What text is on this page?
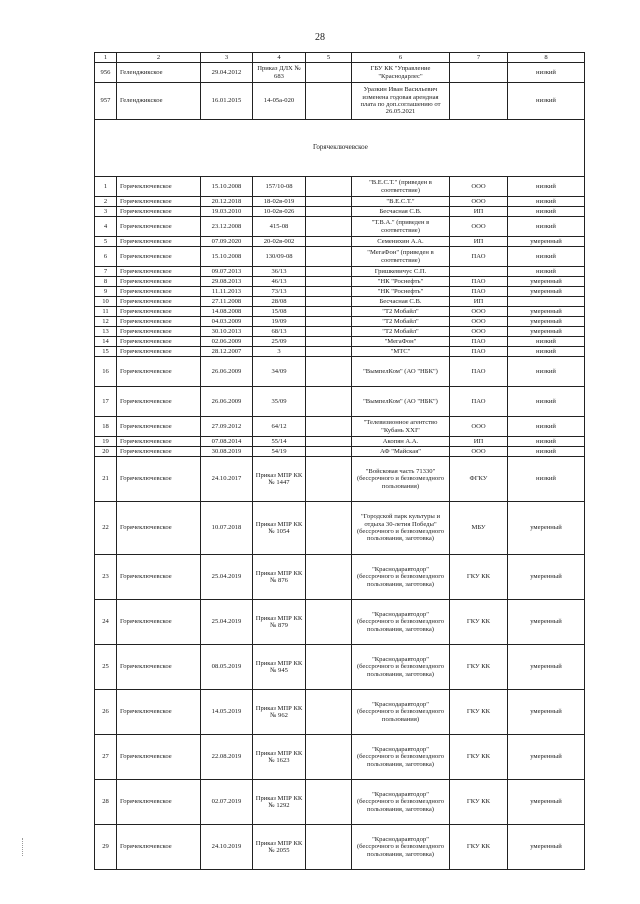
28
1	2	3	4	5	6	7	8
956	Геленджикское	29.04.2012	Приказ ДЛХ № 683		ГБУ КК "Управление "Краснодарлес"		низкий
957	Геленджикское	16.01.2015	14-05а-020		Уразкин Иван Васильевич изменена годовая арендная плата по доп.соглашению от 26.05.2021		низкий
Горячеключевское							
1	Горячеключевское	15.10.2008	157/10-08		"В.Е.С.Т." (приведен в соответствие)	ООО	низкий
2	Горячеключевское	20.12.2018	18-02в-019		"В.Е.С.Т."	ООО	низкий
3	Горячеключевское	19.03.2010	10-02в-026		Бесчасная С.В.	ИП	низкий
4	Горячеключевское	23.12.2008	415-08		"Т.В.А." (приведен в соответствие)	ООО	низкий
5	Горячеключевское	07.09.2020	20-02в-002		Семенихин А.А.	ИП	умеренный
6	Горячеключевское	15.10.2008	130/09-08		"МегаФон" (приведен в соответствие)	ПАО	низкий
7	Горячеключевское	09.07.2013	36/13		Гришкевичус С.П.		низкий
8	Горячеключевское	29.08.2013	46/13		"НК "Роснефть"	ПАО	умеренный
9	Горячеключевское	11.11.2013	73/13		"НК "Роснефть"	ПАО	умеренный
10	Горячеключевское	27.11.2008	28/08		Бесчасная С.В.	ИП	
11	Горячеключевское	14.08.2008	15/08		"Т2 Мобайл"	ООО	умеренный
12	Горячеключевское	04.03.2009	19/09		"Т2 Мобайл"	ООО	умеренный
13	Горячеключевское	30.10.2013	68/13		"Т2 Мобайл"	ООО	умеренный
14	Горячеключевское	02.06.2009	25/09		"МегаФон"	ПАО	низкий
15	Горячеключевское	28.12.2007	3		"МТС"	ПАО	низкий
16	Горячеключевское	26.06.2009	34/09		"ВымпелКом" (АО "НБК")	ПАО	низкий
17	Горячеключевское	26.06.2009	35/09		"ВымпелКом" (АО "НБК")	ПАО	низкий
18	Горячеключевское	27.09.2012	64/12		"Телевизионное агентство "Кубань XXI"	ООО	низкий
19	Горячеключевское	07.08.2014	55/14		Акопян А.А.	ИП	низкий
20	Горячеключевское	30.08.2019	54/19		АФ "Майская"	ООО	низкий
21	Горячеключевское	24.10.2017	Приказ МПР КК № 1447		"Войсковая часть 71330" (бессрочного и безвозмездного пользования)	ФГКУ	низкий
22	Горячеключевское	10.07.2018	Приказ МПР КК № 1054		"Городской парк культуры и отдыха 30-летия Победы" (бессрочного и безвозмездного пользования, заготовка)	МБУ	умеренный
23	Горячеключевское	25.04.2019	Приказ МПР КК № 876		"Краснодаравтодор" (бессрочного и безвозмездного пользования, заготовка)	ГКУ КК	умеренный
24	Горячеключевское	25.04.2019	Приказ МПР КК № 879		"Краснодаравтодор" (бессрочного и безвозмездного пользования, заготовка)	ГКУ КК	умеренный
25	Горячеключевское	08.05.2019	Приказ МПР КК № 945		"Краснодаравтодор" (бессрочного и безвозмездного пользования, заготовка)	ГКУ КК	умеренный
26	Горячеключевское	14.05.2019	Приказ МПР КК № 962		"Краснодаравтодор" (бессрочного и безвозмездного пользования)	ГКУ КК	умеренный
27	Горячеключевское	22.08.2019	Приказ МПР КК № 1623		"Краснодаравтодор" (бессрочного и безвозмездного пользования, заготовка)	ГКУ КК	умеренный
28	Горячеключевское	02.07.2019	Приказ МПР КК № 1292		"Краснодаравтодор" (бессрочного и безвозмездного пользования, заготовка)	ГКУ КК	умеренный
29	Горячеключевское	24.10.2019	Приказ МПР КК № 2055		"Краснодаравтодор" (бессрочного и безвозмездного пользования, заготовка)	ГКУ КК	умеренный
